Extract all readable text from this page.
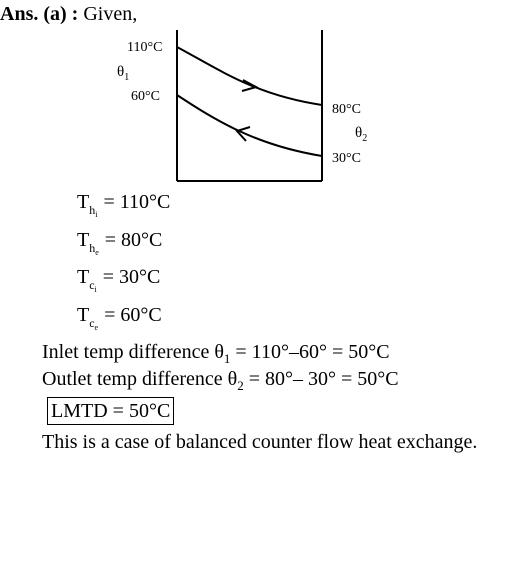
Ans. (a) : Given,
110°C
$\theta_1$
60°C
80°C
$\theta_2$
30°C
$T_{hi}= 110^\circ C$
$T_{he}= 80^\circ C$
$T_{ci}= 30^\circ C$
$T_{ce}= 60^\circ C$
Inlet temp difference $\theta_1 = 110^\circ-60^\circ = 50^\circ C$
Outlet temp difference $\theta_2 = 80^\circ-$ 30° = 50°C
LMTD = 50°C
This is a case of balanced counter flow heat exchange.
